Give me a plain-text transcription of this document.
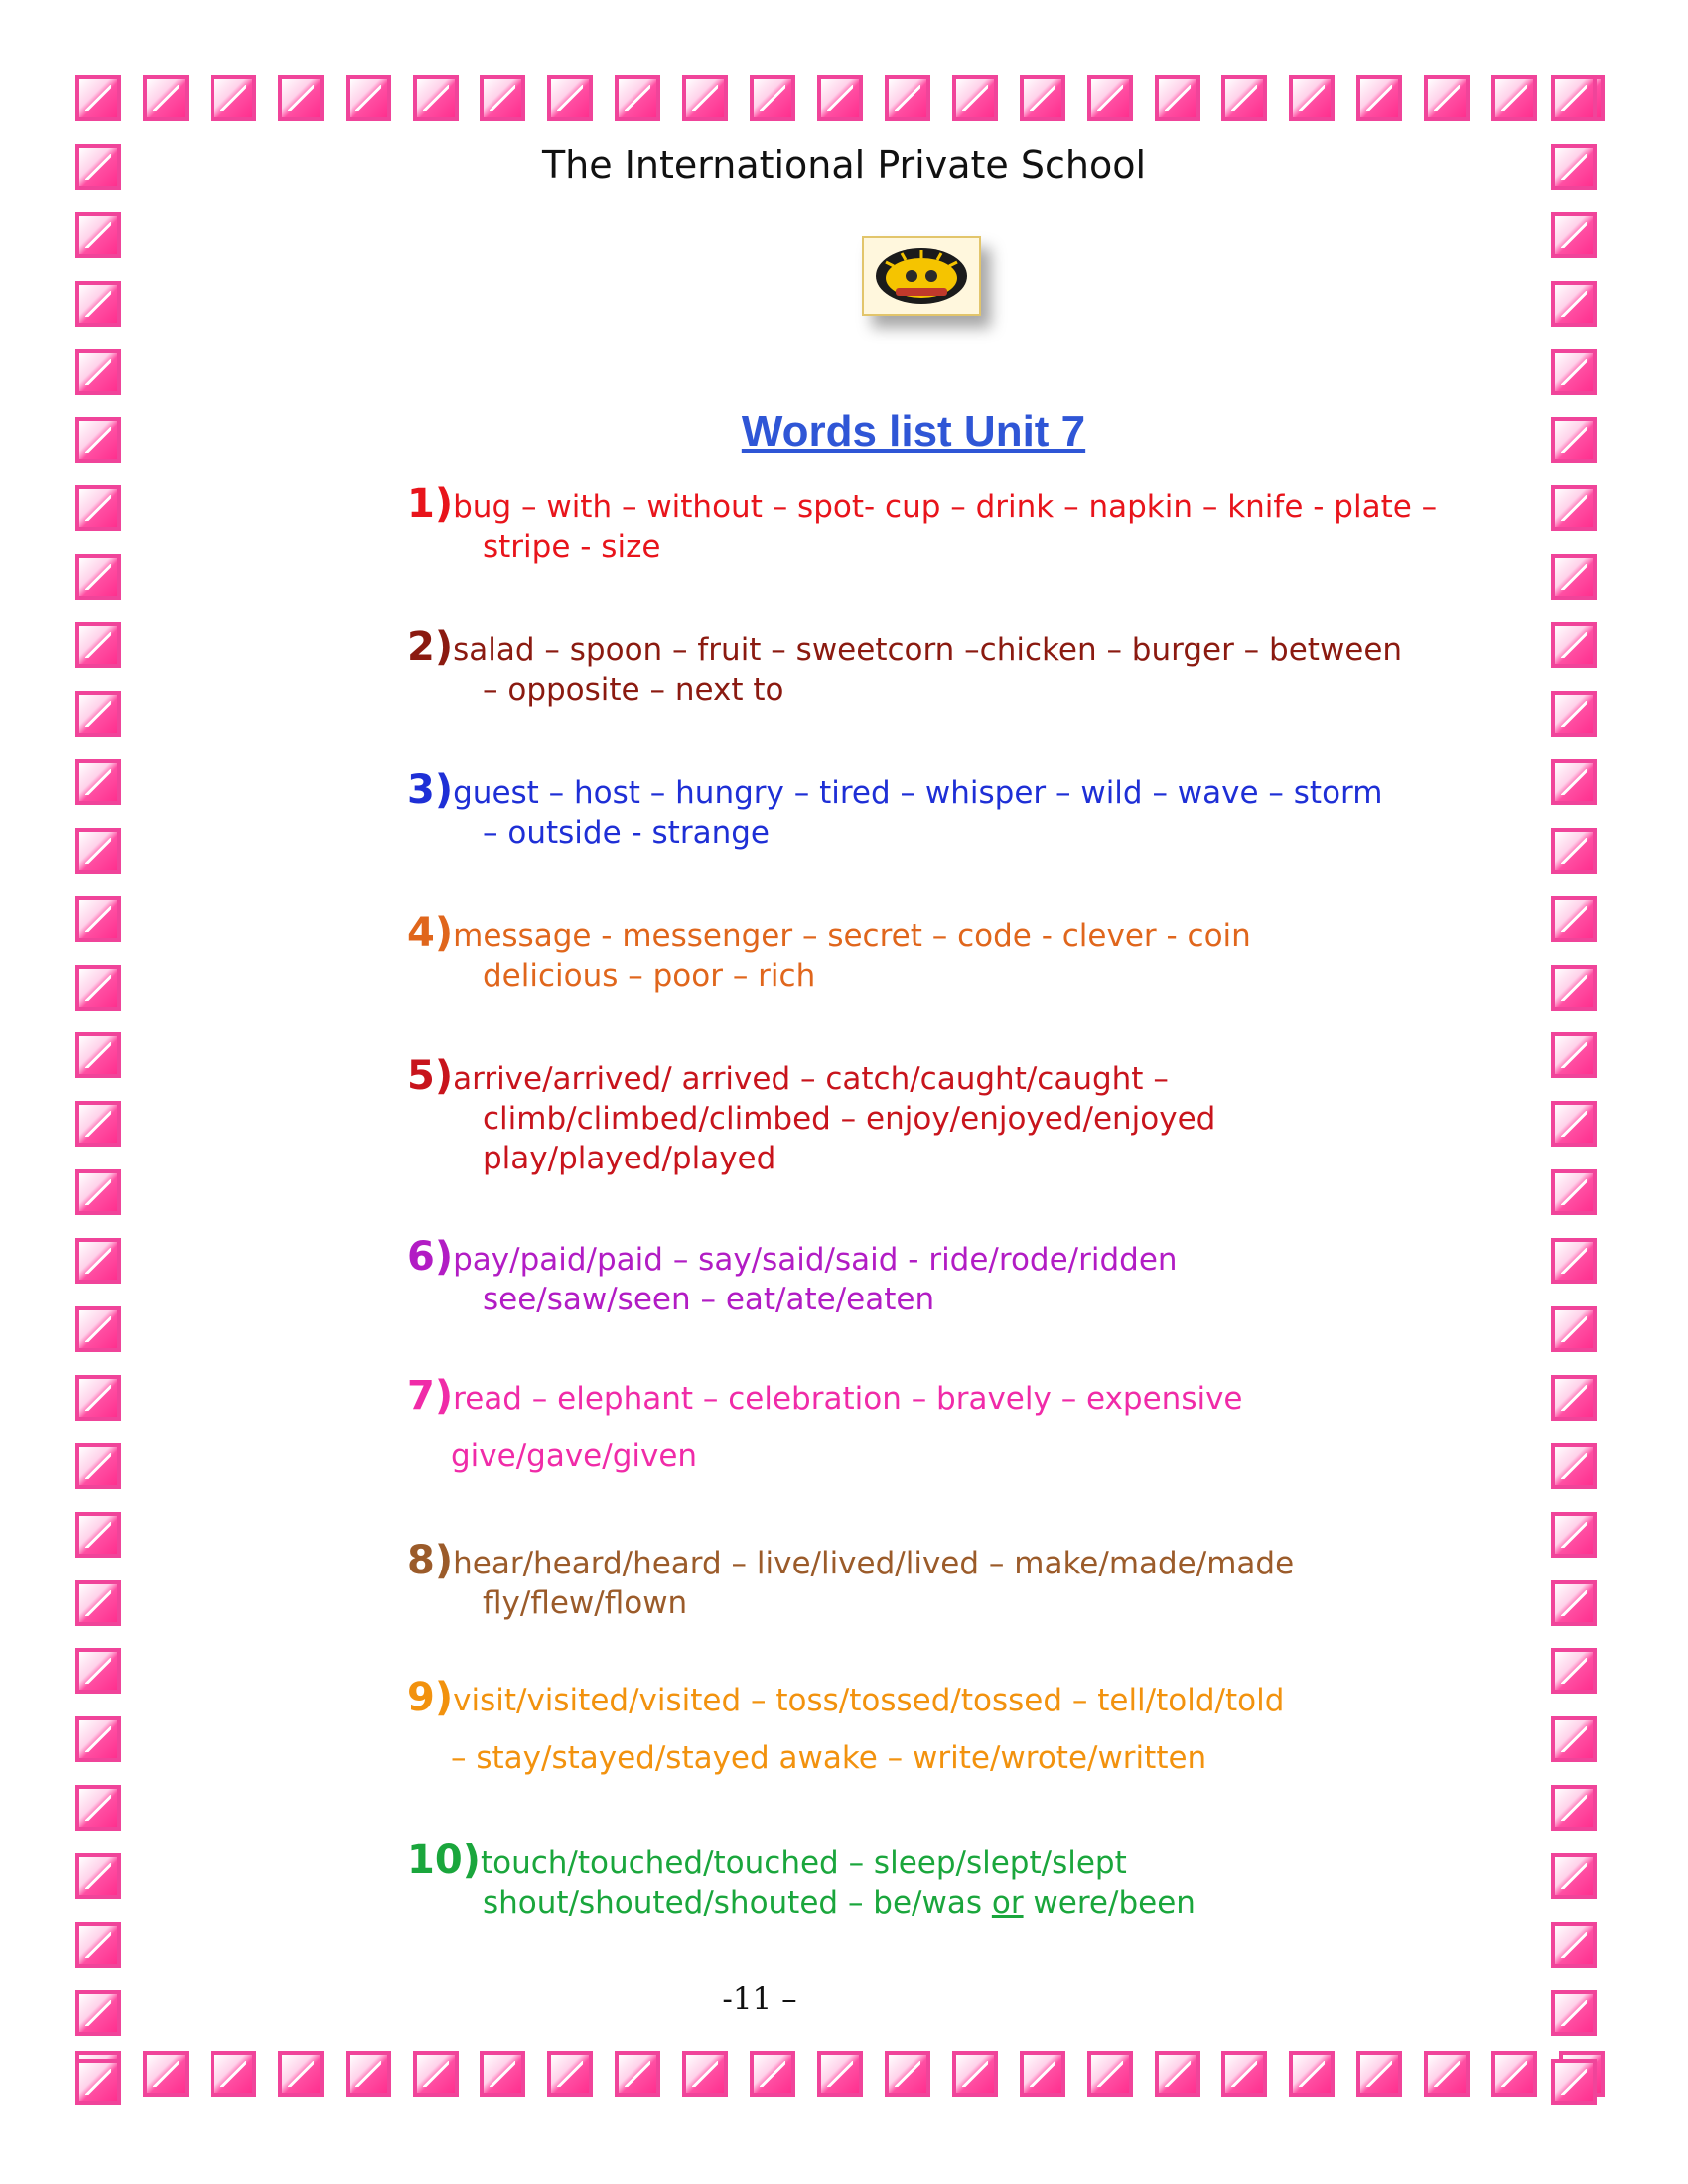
The International Private School
Words list Unit 7
1)bug – with – without – spot- cup – drink – napkin – knife - plate –
stripe - size
2)salad – spoon – fruit – sweetcorn –chicken – burger – between
– opposite – next to
3)guest – host – hungry – tired – whisper – wild – wave – storm
– outside - strange
4)message - messenger – secret – code - clever - coin
delicious – poor – rich
5)arrive/arrived/ arrived – catch/caught/caught –
climb/climbed/climbed – enjoy/enjoyed/enjoyed
play/played/played
6)pay/paid/paid – say/said/said - ride/rode/ridden
see/saw/seen – eat/ate/eaten
7)read – elephant – celebration – bravely – expensive
give/gave/given
8)hear/heard/heard – live/lived/lived – make/made/made
fly/flew/flown
9)visit/visited/visited – toss/tossed/tossed – tell/told/told
– stay/stayed/stayed awake – write/wrote/written
10)touch/touched/touched – sleep/slept/slept
shout/shouted/shouted – be/was or were/been
-11 –
